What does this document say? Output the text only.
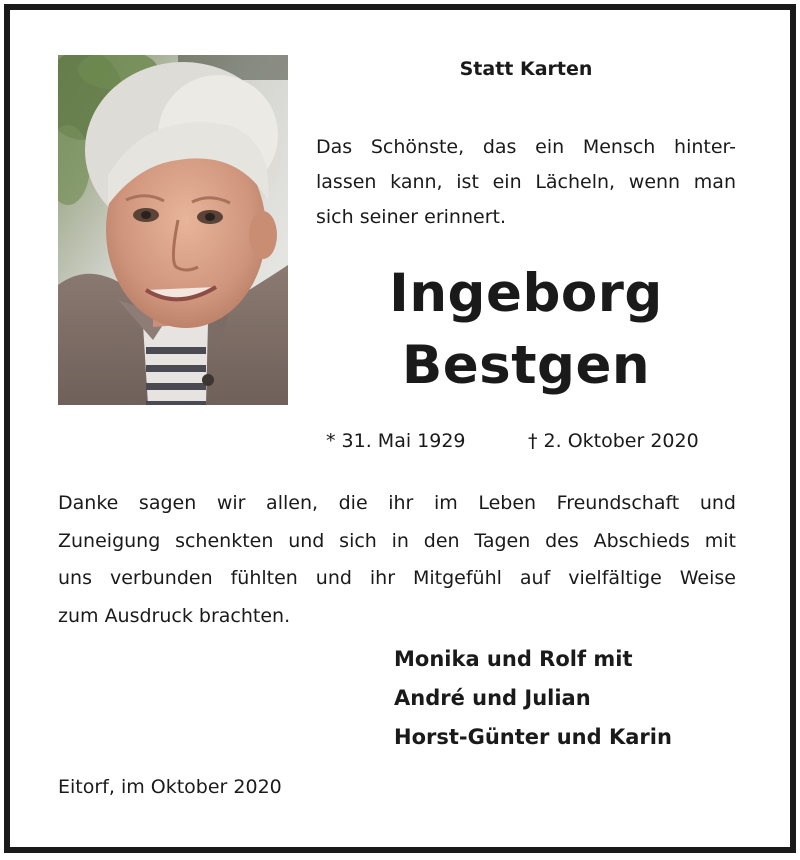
Statt Karten
Das Schönste, das ein Mensch hinter-
lassen kann, ist ein Lächeln, wenn man
sich seiner erinnert.
Ingeborg
Bestgen
* 31. Mai 1929	† 2. Oktober 2020
Danke sagen wir allen, die ihr im Leben Freundschaft und
Zuneigung schenkten und sich in den Tagen des Abschieds mit
uns verbunden fühlten und ihr Mitgefühl auf vielfältige Weise
zum Ausdruck brachten.
Monika und Rolf mit
André und Julian
Horst-Günter und Karin
Eitorf, im Oktober 2020
